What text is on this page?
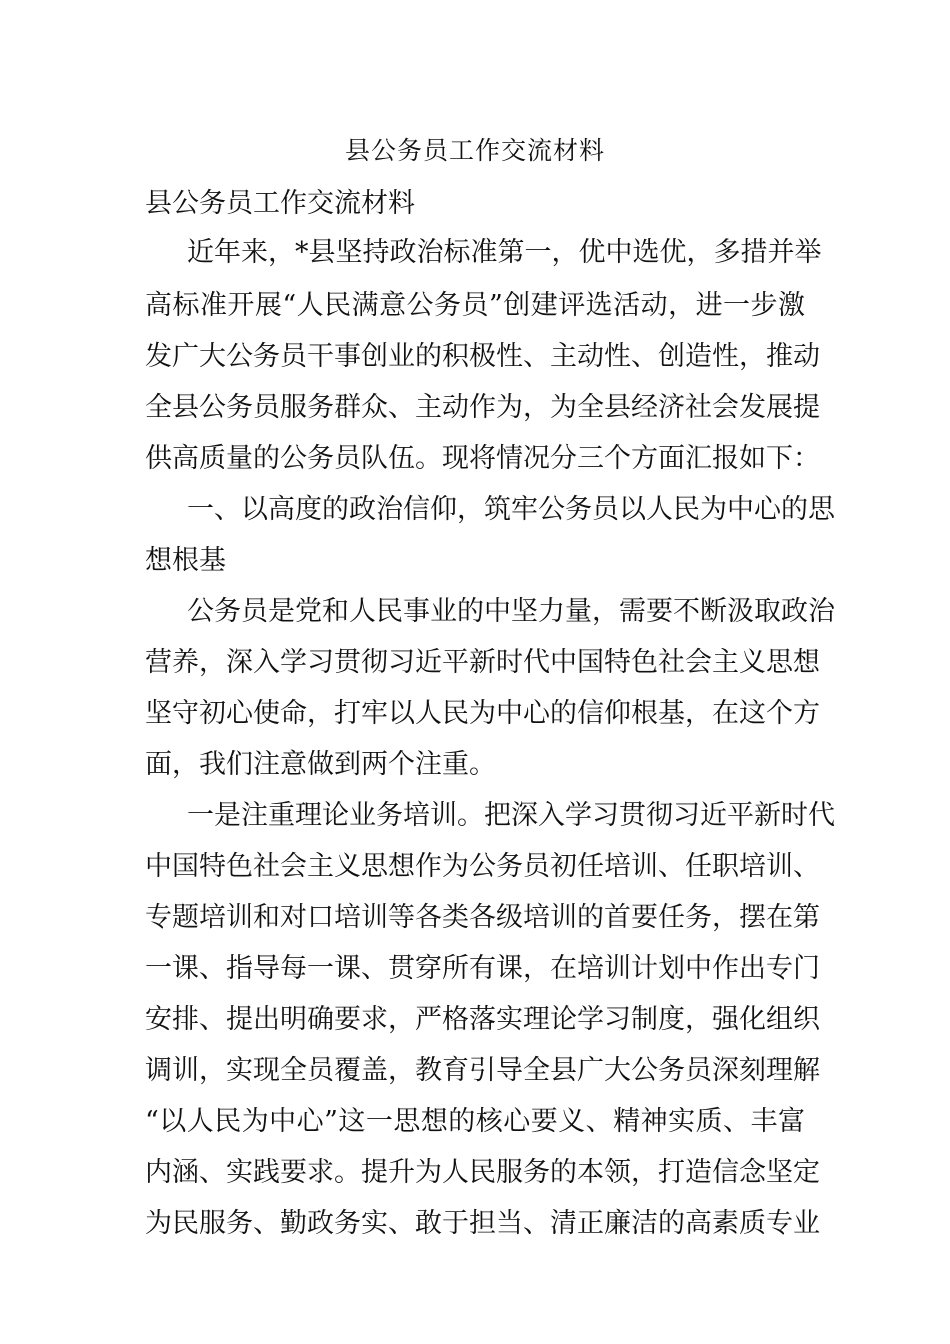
县公务员工作交流材料
县公务员工作交流材料
近年来，*县坚持政治标准第一，优中选优，多措并举
高标准开展“人民满意公务员”创建评选活动，进一步激
发广大公务员干事创业的积极性、主动性、创造性，推动
全县公务员服务群众、主动作为，为全县经济社会发展提
供高质量的公务员队伍。现将情况分三个方面汇报如下：
一、以高度的政治信仰，筑牢公务员以人民为中心的思
想根基
公务员是党和人民事业的中坚力量，需要不断汲取政治
营养，深入学习贯彻习近平新时代中国特色社会主义思想
坚守初心使命，打牢以人民为中心的信仰根基，在这个方
面，我们注意做到两个注重。
一是注重理论业务培训。把深入学习贯彻习近平新时代
中国特色社会主义思想作为公务员初任培训、任职培训、
专题培训和对口培训等各类各级培训的首要任务，摆在第
一课、指导每一课、贯穿所有课，在培训计划中作出专门
安排、提出明确要求，严格落实理论学习制度，强化组织
调训，实现全员覆盖，教育引导全县广大公务员深刻理解
“以人民为中心”这一思想的核心要义、精神实质、丰富
内涵、实践要求。提升为人民服务的本领，打造信念坚定
为民服务、勤政务实、敢于担当、清正廉洁的高素质专业
